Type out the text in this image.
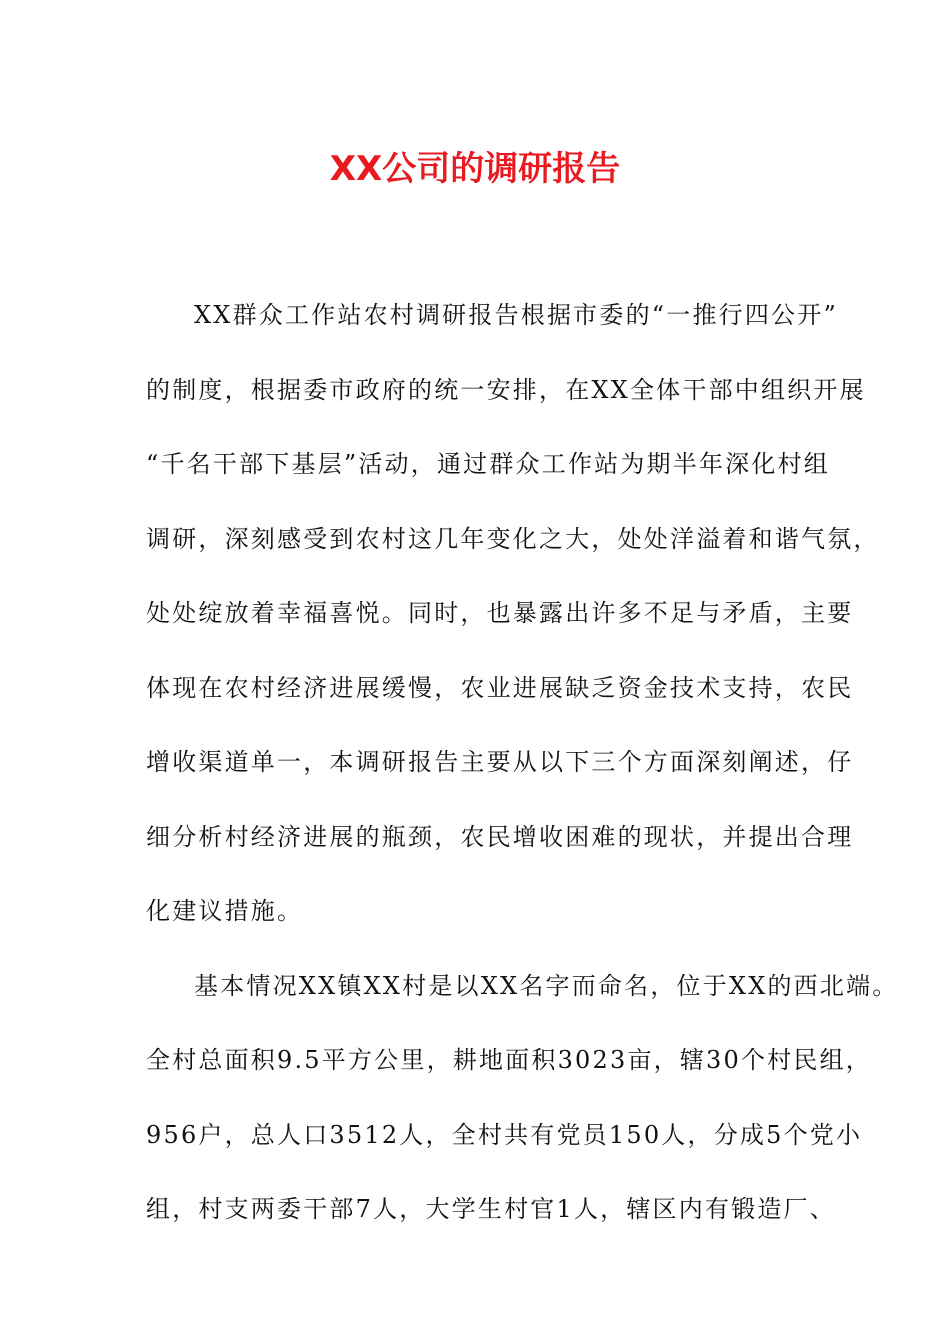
XX公司的调研报告
XX群众工作站农村调研报告根据市委的“一推行四公开”
的制度，根据委市政府的统一安排，在XX全体干部中组织开展
“千名干部下基层”活动，通过群众工作站为期半年深化村组
调研，深刻感受到农村这几年变化之大，处处洋溢着和谐气氛，
处处绽放着幸福喜悦。同时，也暴露出许多不足与矛盾，主要
体现在农村经济进展缓慢，农业进展缺乏资金技术支持，农民
增收渠道单一，本调研报告主要从以下三个方面深刻阐述，仔
细分析村经济进展的瓶颈，农民增收困难的现状，并提出合理
化建议措施。
基本情况XX镇XX村是以XX名字而命名，位于XX的西北端。
全村总面积9.5平方公里，耕地面积3023亩，辖30个村民组，
956户，总人口3512人，全村共有党员150人，分成5个党小
组，村支两委干部7人，大学生村官1人，辖区内有锻造厂、
